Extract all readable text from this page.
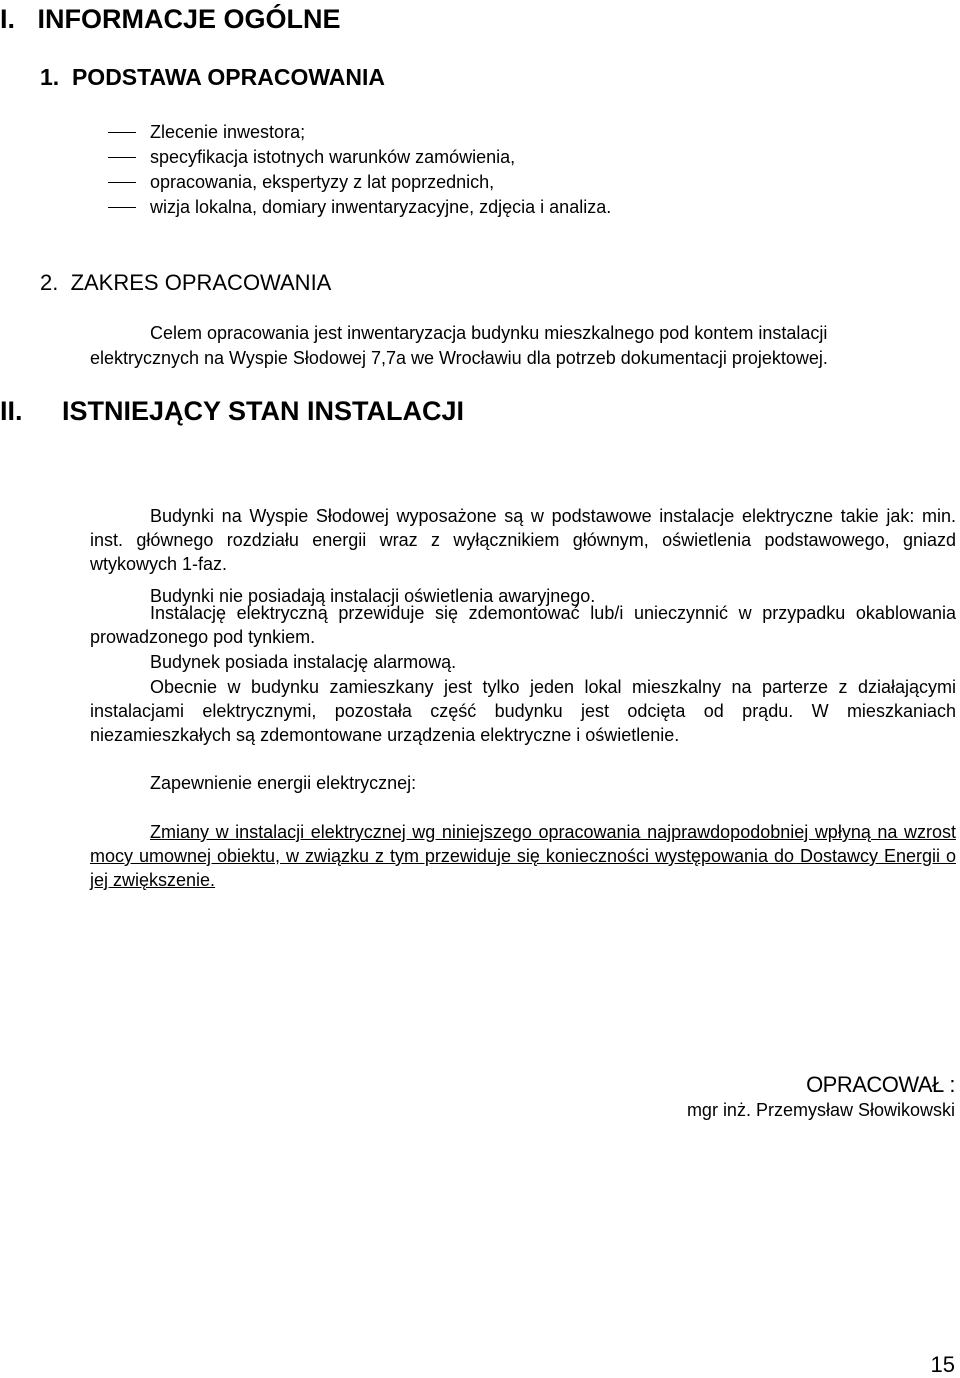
I.   INFORMACJE OGÓLNE
1.  PODSTAWA OPRACOWANIA
Zlecenie inwestora;
specyfikacja istotnych warunków zamówienia,
opracowania, ekspertyzy z lat poprzednich,
wizja lokalna, domiary inwentaryzacyjne, zdjęcia i analiza.
2.  ZAKRES OPRACOWANIA
Celem opracowania jest inwentaryzacja budynku mieszkalnego pod kontem instalacji
elektrycznych na Wyspie Słodowej 7,7a we Wrocławiu dla potrzeb dokumentacji projektowej.
II. ISTNIEJĄCY STAN INSTALACJI

Budynki na Wyspie Słodowej wyposażone są w podstawowe instalacje elektryczne takie jak: min. inst. głównego rozdziału energii wraz z wyłącznikiem głównym, oświetlenia podstawowego, gniazd wtykowych 1-faz.

Budynki nie posiadają instalacji oświetlenia awaryjnego.

Instalację elektryczną przewiduje się zdemontować lub/i unieczynnić w przypadku okablowania prowadzonego pod tynkiem.

Budynek posiada instalację alarmową.

Obecnie w budynku zamieszkany jest tylko jeden lokal mieszkalny na parterze z działającymi instalacjami elektrycznymi, pozostała część budynku jest odcięta od prądu. W mieszkaniach niezamieszkałych są zdemontowane urządzenia elektryczne i oświetlenie.

Zapewnienie energii elektrycznej:

Zmiany w instalacji elektrycznej wg niniejszego opracowania najprawdopodobniej wpłyną na wzrost mocy umownej obiektu, w związku z tym przewiduje się konieczności występowania do Dostawcy Energii o jej zwiększenie.

OPRACOWAŁ :
mgr inż. Przemysław Słowikowski
15
